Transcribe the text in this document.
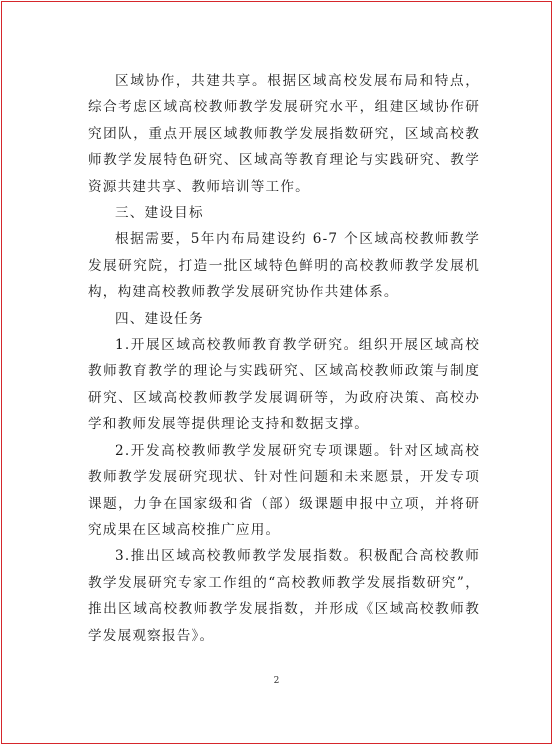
区域协作，共建共享。根据区域高校发展布局和特点，综合考虑区域高校教师教学发展研究水平，组建区域协作研究团队，重点开展区域教师教学发展指数研究，区域高校教师教学发展特色研究、区域高等教育理论与实践研究、教学资源共建共享、教师培训等工作。

三、建设目标

根据需要，5年内布局建设约 6-7 个区域高校教师教学发展研究院，打造一批区域特色鲜明的高校教师教学发展机构，构建高校教师教学发展研究协作共建体系。

四、建设任务

1.开展区域高校教师教育教学研究。组织开展区域高校教师教育教学的理论与实践研究、区域高校教师政策与制度研究、区域高校教师教学发展调研等，为政府决策、高校办学和教师发展等提供理论支持和数据支撑。

2.开发高校教师教学发展研究专项课题。针对区域高校教师教学发展研究现状、针对性问题和未来愿景，开发专项课题，力争在国家级和省（部）级课题申报中立项，并将研究成果在区域高校推广应用。

3.推出区域高校教师教学发展指数。积极配合高校教师教学发展研究专家工作组的“高校教师教学发展指数研究”，推出区域高校教师教学发展指数，并形成《区域高校教师教学发展观察报告》。

2
